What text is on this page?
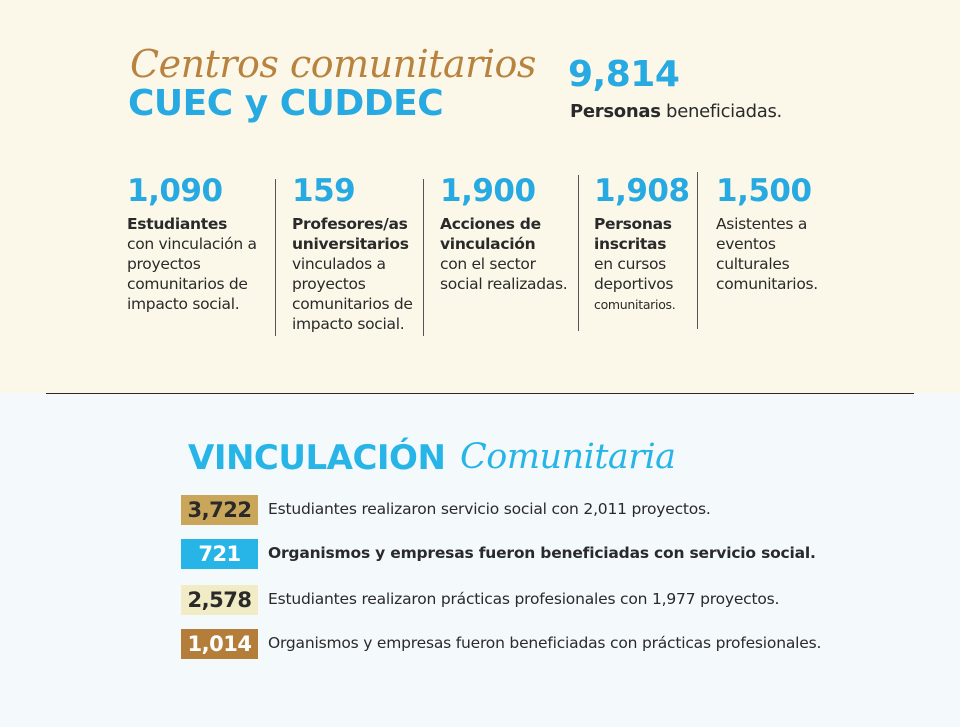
Centros comunitarios
CUEC y CUDDEC
9,814
Personas beneficiadas.
1,090
Estudiantes
con vinculación a proyectos comunitarios de impacto social.
159
Profesores/as universitarios
vinculados a proyectos comunitarios de impacto social.
1,900
Acciones de vinculación
con el sector social realizadas.
1,908
Personas inscritas
en cursos deportivos comunitarios.
1,500
Asistentes a eventos culturales comunitarios.
VINCULACIÓN Comunitaria
3,722	Estudiantes realizaron servicio social con 2,011 proyectos.
721	Organismos y empresas fueron beneficiadas con servicio social.
2,578	Estudiantes realizaron prácticas profesionales con 1,977 proyectos.
1,014	Organismos y empresas fueron beneficiadas con prácticas profesionales.
